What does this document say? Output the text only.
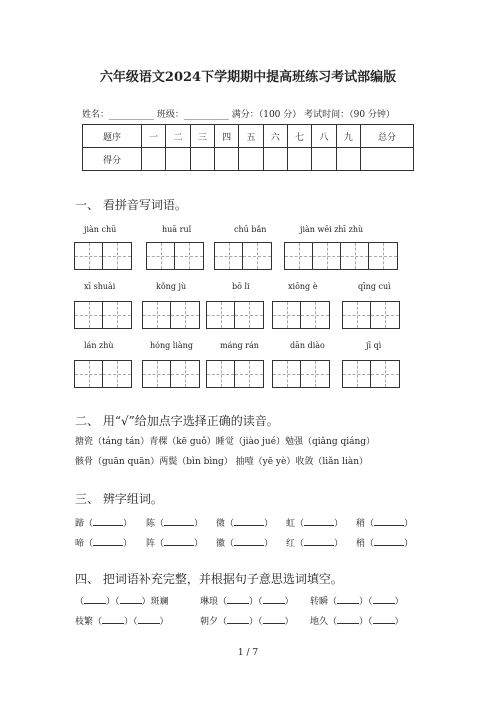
六年级语文2024下学期期中提高班练习考试部编版
姓名：__________ 班级：__________ 满分：（100 分） 考试时间：（90 分钟）
题序	一	二	三	四	五	六	七	八	九	总分
得分										
一、 看拼音写词语。
jiàn chū	huā ruǐ	chū bǎn	jiàn wēi zhī zhù
xī shuài	kǒng jù	bō li	xiōng è	qīng cuì
lán zhù	hóng liàng	máng rán	dān diào	jī qì
二、 用“√”给加点字选择正确的读音。
搪瓷（táng tán）青稞（kē guǒ）睡觉（jiào jué）勉强（qiǎng qiáng）
骸骨（guān quān）两鬓（bìn bìng） 抽噎（yē yè）收敛（liǎn liàn）
三、 辨字组词。
蹄（	） 陈（	） 微（	） 虹（	） 稍（	）
啼（	） 阵（	） 徽（	） 红（	） 梢（	）
四、 把词语补充完整，并根据句子意思选词填空。
（ ）（ ）斑斓	琳琅（ ）（ ） 转瞬（ ）（ ）
枝繁（ ）（ ）	朝夕（ ）（ ） 地久（ ）（ ）
1 / 7
